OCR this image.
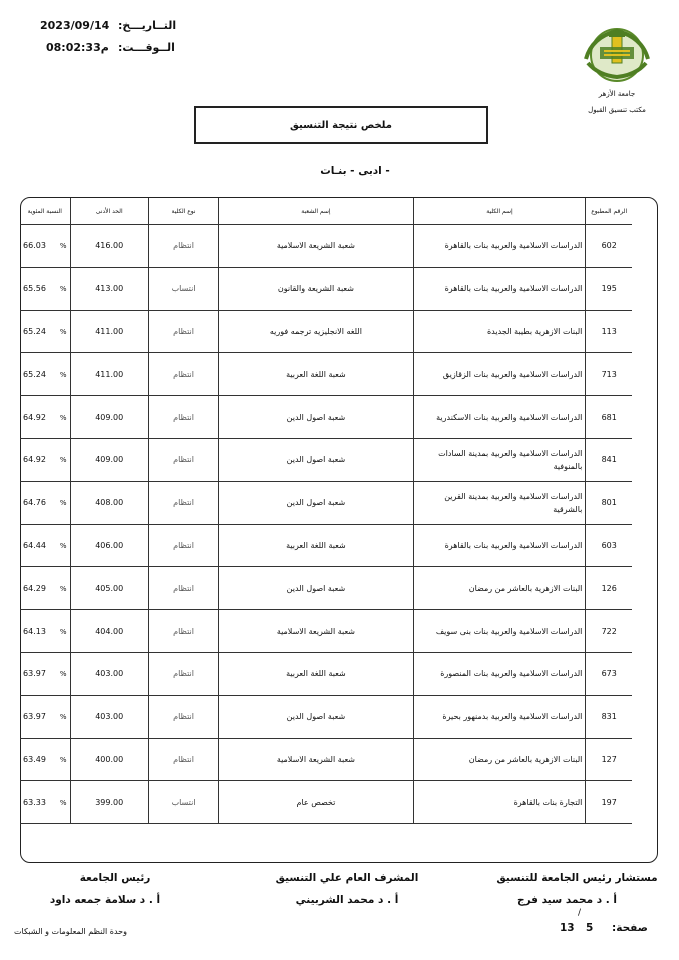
2023/09/14 التــاريـــخ:
08:02:33م الــوقـــت:
جامعة الأزهر
مكتب تنسيق القبول
ملخص نتيجة التنسيق
- ادبى - بنـات
الرقم المطبوع	إسم الكلية	إسم الشعبة	نوع الكلية	الحد الأدنى	النسبة المئوية
602	الدراسات الاسلامية والعربية بنات بالقاهرة	شعبة الشريعة الاسلامية	انتظام	416.00	66.03 %
195	الدراسات الاسلامية والعربية بنات بالقاهرة	شعبة الشريعة والقانون	انتساب	413.00	65.56 %
113	البنات الازهرية بطيبة الجديدة	اللغه الانجليزيه ترجمه فوريه	انتظام	411.00	65.24 %
713	الدراسات الاسلامية والعربية بنات الزقازيق	شعبة اللغة العربية	انتظام	411.00	65.24 %
681	الدراسات الاسلامية والعربية بنات الاسكندرية	شعبة اصول الدين	انتظام	409.00	64.92 %
841	الدراسات الاسلامية والعربية بمدينة السادات بالمنوفية	شعبة اصول الدين	انتظام	409.00	64.92 %
801	الدراسات الاسلامية والعربية بمدينة القرين بالشرقية	شعبة اصول الدين	انتظام	408.00	64.76 %
603	الدراسات الاسلامية والعربية بنات بالقاهرة	شعبة اللغة العربية	انتظام	406.00	64.44 %
126	البنات الازهرية بالعاشر من رمضان	شعبة اصول الدين	انتظام	405.00	64.29 %
722	الدراسات الاسلامية والعربية بنات بنى سويف	شعبة الشريعة الاسلامية	انتظام	404.00	64.13 %
673	الدراسات الاسلامية والعربية بنات المنصورة	شعبة اللغة العربية	انتظام	403.00	63.97 %
831	الدراسات الاسلامية والعربية بدمنهور بحيرة	شعبة اصول الدين	انتظام	403.00	63.97 %
127	البنات الازهرية بالعاشر من رمضان	شعبة الشريعة الاسلامية	انتظام	400.00	63.49 %
197	التجارة بنات بالقاهرة	تخصص عام	انتساب	399.00	63.33 %
مستشار رئيس الجامعة للتنسيق
أ . د محمد سيد فرج
المشرف العام علي التنسيق
أ . د محمد الشربيني
رئيس الجامعة
أ . د سلامة جمعه داود
وحدة النظم المعلومات و الشبكات	13 5
/
صفحة:
